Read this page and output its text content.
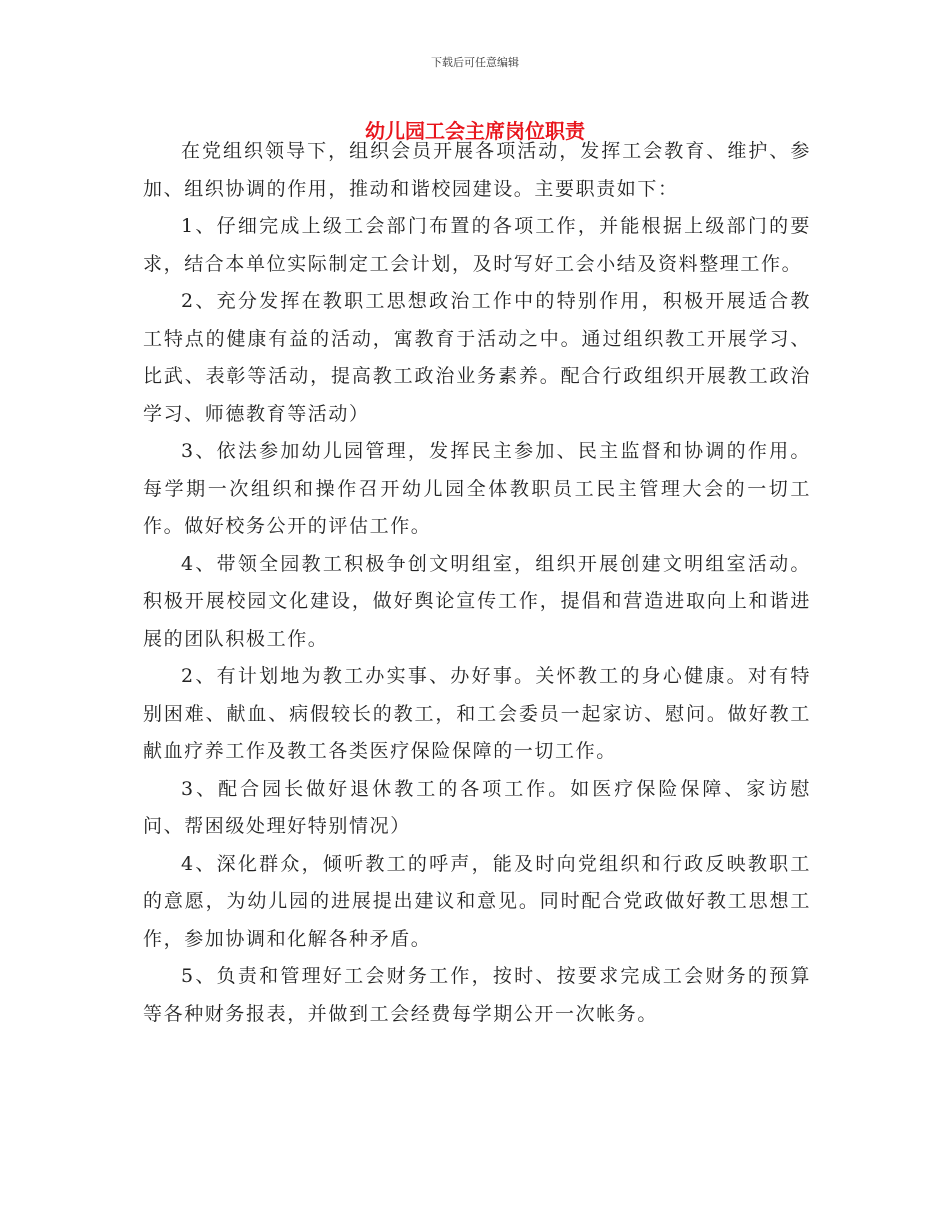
下载后可任意编辑
幼儿园工会主席岗位职责

在党组织领导下，组织会员开展各项活动，发挥工会教育、维护、参加、组织协调的作用，推动和谐校园建设。主要职责如下：

1、仔细完成上级工会部门布置的各项工作，并能根据上级部门的要求，结合本单位实际制定工会计划，及时写好工会小结及资料整理工作。

2、充分发挥在教职工思想政治工作中的特别作用，积极开展适合教工特点的健康有益的活动，寓教育于活动之中。通过组织教工开展学习、比武、表彰等活动，提高教工政治业务素养。配合行政组织开展教工政治学习、师德教育等活动）

3、依法参加幼儿园管理，发挥民主参加、民主监督和协调的作用。每学期一次组织和操作召开幼儿园全体教职员工民主管理大会的一切工作。做好校务公开的评估工作。

4、带领全园教工积极争创文明组室，组织开展创建文明组室活动。积极开展校园文化建设，做好舆论宣传工作，提倡和营造进取向上和谐进展的团队积极工作。

2、有计划地为教工办实事、办好事。关怀教工的身心健康。对有特别困难、献血、病假较长的教工，和工会委员一起家访、慰问。做好教工献血疗养工作及教工各类医疗保险保障的一切工作。

3、配合园长做好退休教工的各项工作。如医疗保险保障、家访慰问、帮困级处理好特别情况）

4、深化群众，倾听教工的呼声，能及时向党组织和行政反映教职工的意愿，为幼儿园的进展提出建议和意见。同时配合党政做好教工思想工作，参加协调和化解各种矛盾。

5、负责和管理好工会财务工作，按时、按要求完成工会财务的预算等各种财务报表，并做到工会经费每学期公开一次帐务。
